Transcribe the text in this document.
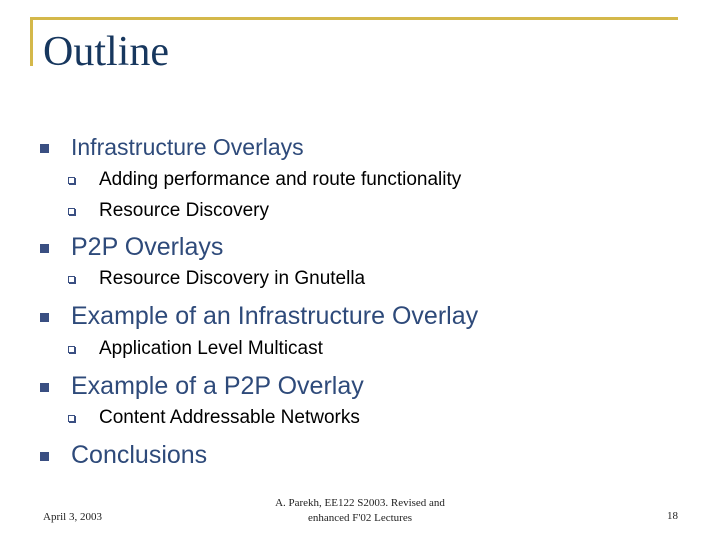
Outline
Infrastructure Overlays
Adding performance and route functionality
Resource Discovery
P2P Overlays
Resource Discovery in Gnutella
Example of an Infrastructure Overlay
Application Level Multicast
Example of a P2P Overlay
Content Addressable Networks
Conclusions
April 3, 2003
A. Parekh, EE122 S2003. Revised and
enhanced F'02 Lectures	18
